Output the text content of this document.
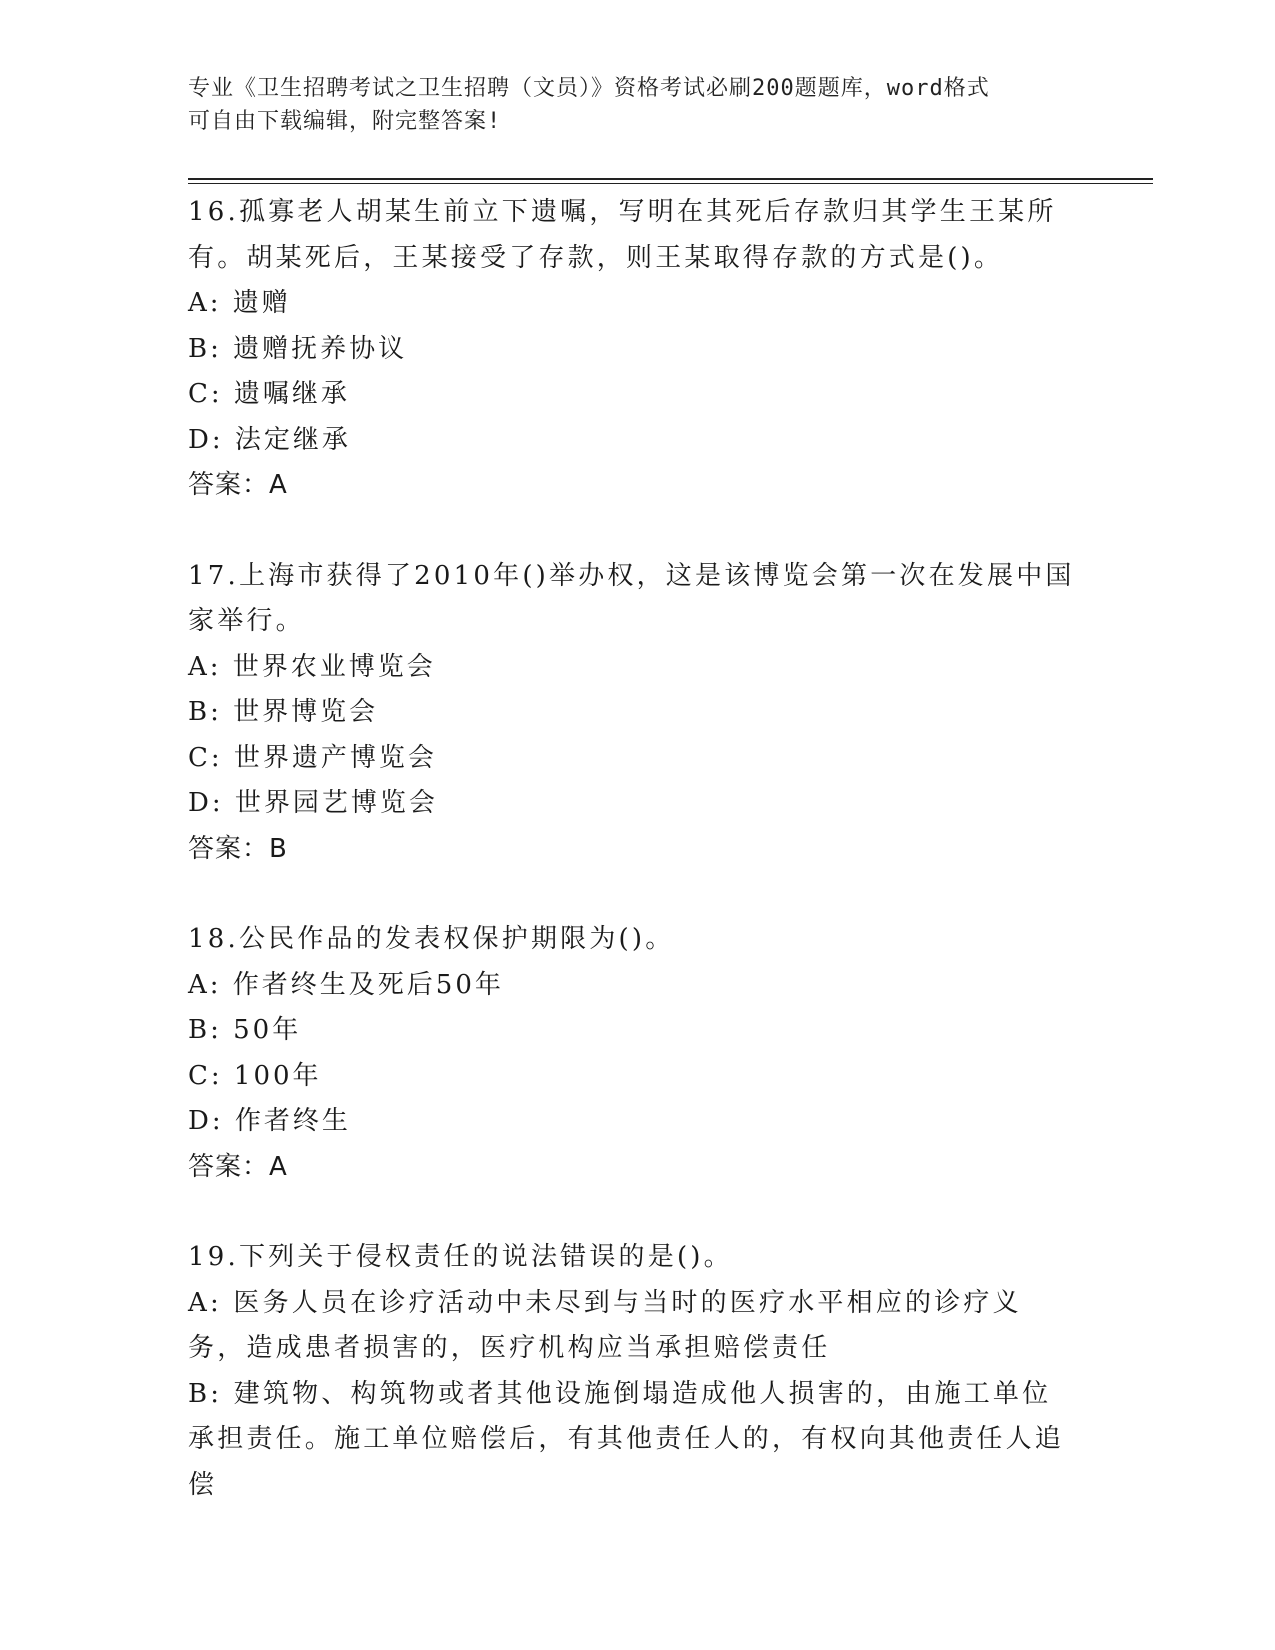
专业《卫生招聘考试之卫生招聘（文员）》资格考试必刷200题题库，word格式
可自由下载编辑，附完整答案!
16.孤寡老人胡某生前立下遗嘱，写明在其死后存款归其学生王某所有。胡某死后，王某接受了存款，则王某取得存款的方式是()。
A: 遗赠
B: 遗赠抚养协议
C: 遗嘱继承
D: 法定继承
答案：A
17.上海市获得了2010年()举办权，这是该博览会第一次在发展中国家举行。
A: 世界农业博览会
B: 世界博览会
C: 世界遗产博览会
D: 世界园艺博览会
答案：B
18.公民作品的发表权保护期限为()。
A: 作者终生及死后50年
B: 50年
C: 100年
D: 作者终生
答案：A
19.下列关于侵权责任的说法错误的是()。
A: 医务人员在诊疗活动中未尽到与当时的医疗水平相应的诊疗义务，造成患者损害的，医疗机构应当承担赔偿责任
B: 建筑物、构筑物或者其他设施倒塌造成他人损害的，由施工单位承担责任。施工单位赔偿后，有其他责任人的，有权向其他责任人追偿
